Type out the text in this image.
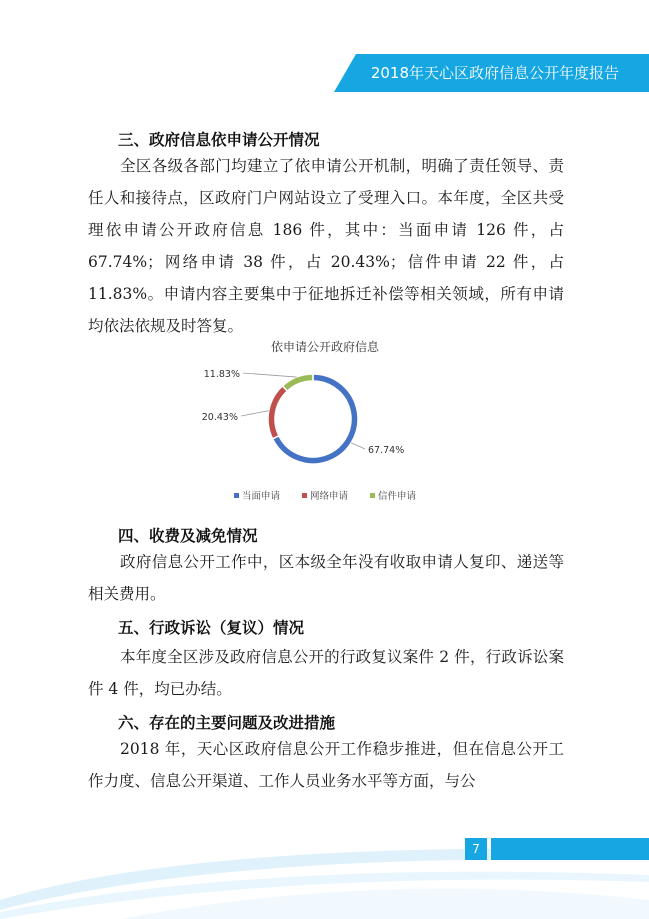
2018年天心区政府信息公开年度报告
三、政府信息依申请公开情况
全区各级各部门均建立了依申请公开机制，明确了责任领导、责任人和接待点，区政府门户网站设立了受理入口。本年度，全区共受理依申请公开政府信息 186 件，其中：当面申请 126 件，占 67.74%；网络申请 38 件，占 20.43%；信件申请 22 件，占 11.83%。申请内容主要集中于征地拆迁补偿等相关领域，所有申请均依法依规及时答复。
依申请公开政府信息
67.74%
20.43%
11.83%
当面申请	网络申请	信件申请
四、收费及减免情况
政府信息公开工作中，区本级全年没有收取申请人复印、递送等相关费用。
五、行政诉讼（复议）情况
本年度全区涉及政府信息公开的行政复议案件 2 件，行政诉讼案件 4 件，均已办结。
六、存在的主要问题及改进措施
2018 年，天心区政府信息公开工作稳步推进，但在信息公开工作力度、信息公开渠道、工作人员业务水平等方面，与公
7
